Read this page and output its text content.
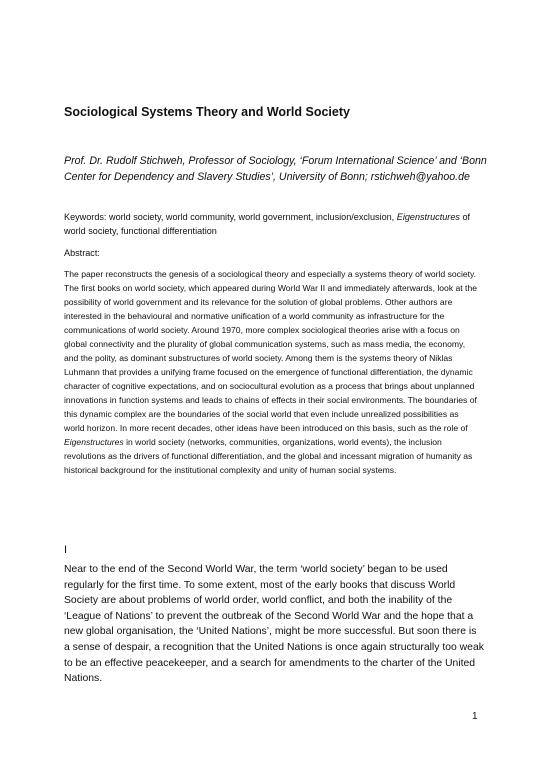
Sociological Systems Theory and World Society
Prof. Dr. Rudolf Stichweh, Professor of Sociology, ‘Forum International Science’ and ‘Bonn Center for Dependency and Slavery Studies’, University of Bonn; rstichweh@yahoo.de
Keywords: world society, world community, world government, inclusion/exclusion, Eigenstructures of world society, functional differentiation
Abstract:

The paper reconstructs the genesis of a sociological theory and especially a systems theory of world society. The first books on world society, which appeared during World War II and immediately afterwards, look at the possibility of world government and its relevance for the solution of global problems. Other authors are interested in the behavioural and normative unification of a world community as infrastructure for the communications of world society. Around 1970, more complex sociological theories arise with a focus on global connectivity and the plurality of global communication systems, such as mass media, the economy, and the polity, as dominant substructures of world society. Among them is the systems theory of Niklas Luhmann that provides a unifying frame focused on the emergence of functional differentiation, the dynamic character of cognitive expectations, and on sociocultural evolution as a process that brings about unplanned innovations in function systems and leads to chains of effects in their social environments. The boundaries of this dynamic complex are the boundaries of the social world that even include unrealized possibilities as world horizon. In more recent decades, other ideas have been introduced on this basis, such as the role of Eigenstructures in world society (networks, communities, organizations, world events), the inclusion revolutions as the drivers of functional differentiation, and the global and incessant migration of humanity as historical background for the institutional complexity and unity of human social systems.

I
Near to the end of the Second World War, the term ‘world society’ began to be used regularly for the first time. To some extent, most of the early books that discuss World Society are about problems of world order, world conflict, and both the inability of the ‘League of Nations’ to prevent the outbreak of the Second World War and the hope that a new global organisation, the ‘United Nations’, might be more successful. But soon there is a sense of despair, a recognition that the United Nations is once again structurally too weak to be an effective peacekeeper, and a search for amendments to the charter of the United Nations.
1
